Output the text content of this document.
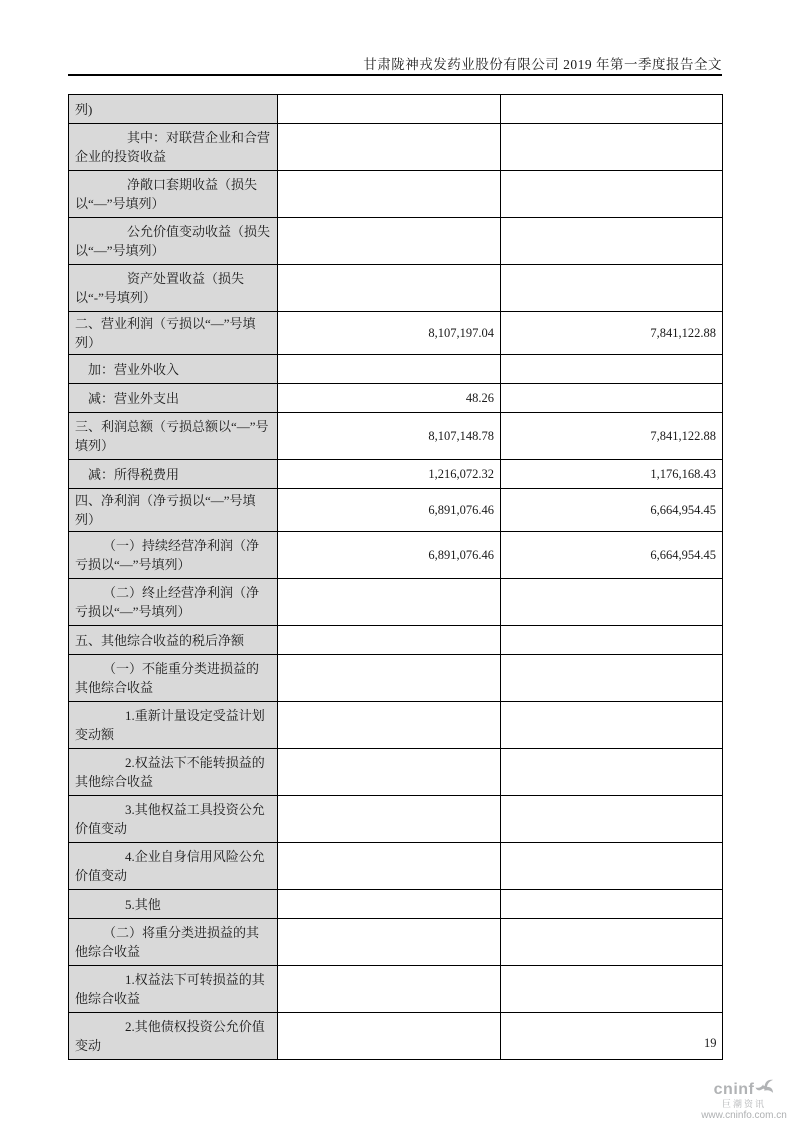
甘肃陇神戎发药业股份有限公司 2019 年第一季度报告全文

列)		

其中：对联营企业和合营企业的投资收益		

净敞口套期收益（损失以“—”号填列）		

公允价值变动收益（损失以“—”号填列）		

资产处置收益（损失以“-”号填列）		

二、营业利润（亏损以“—”号填列）	8,107,197.04	7,841,122.88

加：营业外收入		

减：营业外支出	48.26	

三、利润总额（亏损总额以“—”号填列）	8,107,148.78	7,841,122.88

减：所得税费用	1,216,072.32	1,176,168.43

四、净利润（净亏损以“—”号填列）	6,891,076.46	6,664,954.45

（一）持续经营净利润（净亏损以“—”号填列）	6,891,076.46	6,664,954.45

（二）终止经营净利润（净亏损以“—”号填列）		

五、其他综合收益的税后净额		

（一）不能重分类进损益的其他综合收益		

1.重新计量设定受益计划变动额		

2.权益法下不能转损益的其他综合收益		

3.其他权益工具投资公允价值变动		

4.企业自身信用风险公允价值变动		

5.其他		

（二）将重分类进损益的其他综合收益		

1.权益法下可转损益的其他综合收益		

2.其他债权投资公允价值变动		

			19
cninf
巨潮资讯
www.cninfo.com.cn
